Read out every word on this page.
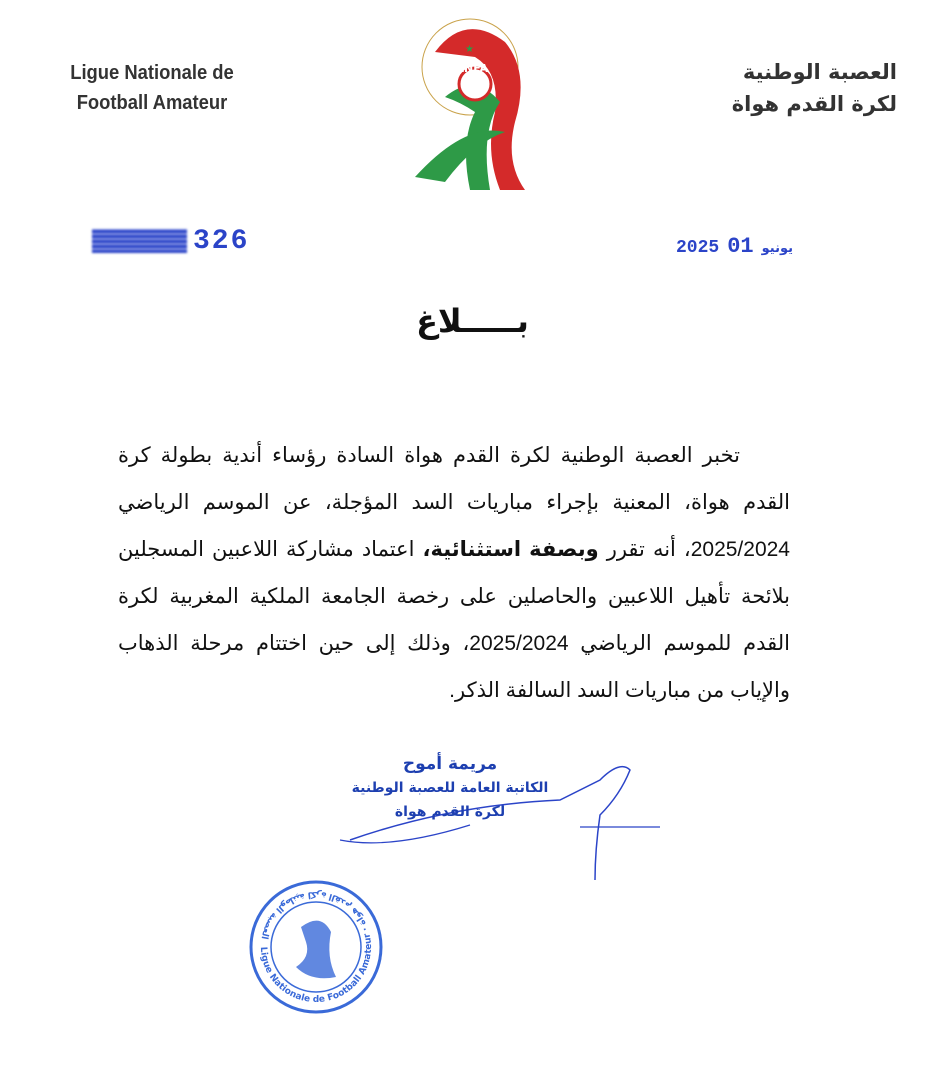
Ligue Nationale de
Football Amateur
LNFA
★
العصبة الوطنية
لكرة القدم هواة
326	2025	يونيو01
بـــــلاغ
تخبر العصبة الوطنية لكرة القدم هواة السادة رؤساء أندية بطولة كرة القدم هواة، المعنية بإجراء مباريات السد المؤجلة، عن الموسم الرياضي 2025/2024، أنه تقرر وبصفة استثنائية، اعتماد مشاركة اللاعبين المسجلين بلائحة تأهيل اللاعبين والحاصلين على رخصة الجامعة الملكية المغربية لكرة القدم للموسم الرياضي 2025/2024، وذلك إلى حين اختتام مرحلة الذهاب والإياب من مباريات السد السالفة الذكر.
مريمة أموح
الكاتبة العامة للعصبة الوطنية
لكرة القدم هواة
Ligue Nationale de Football Amateur · العصبة الوطنية لكرة القدم هواة
